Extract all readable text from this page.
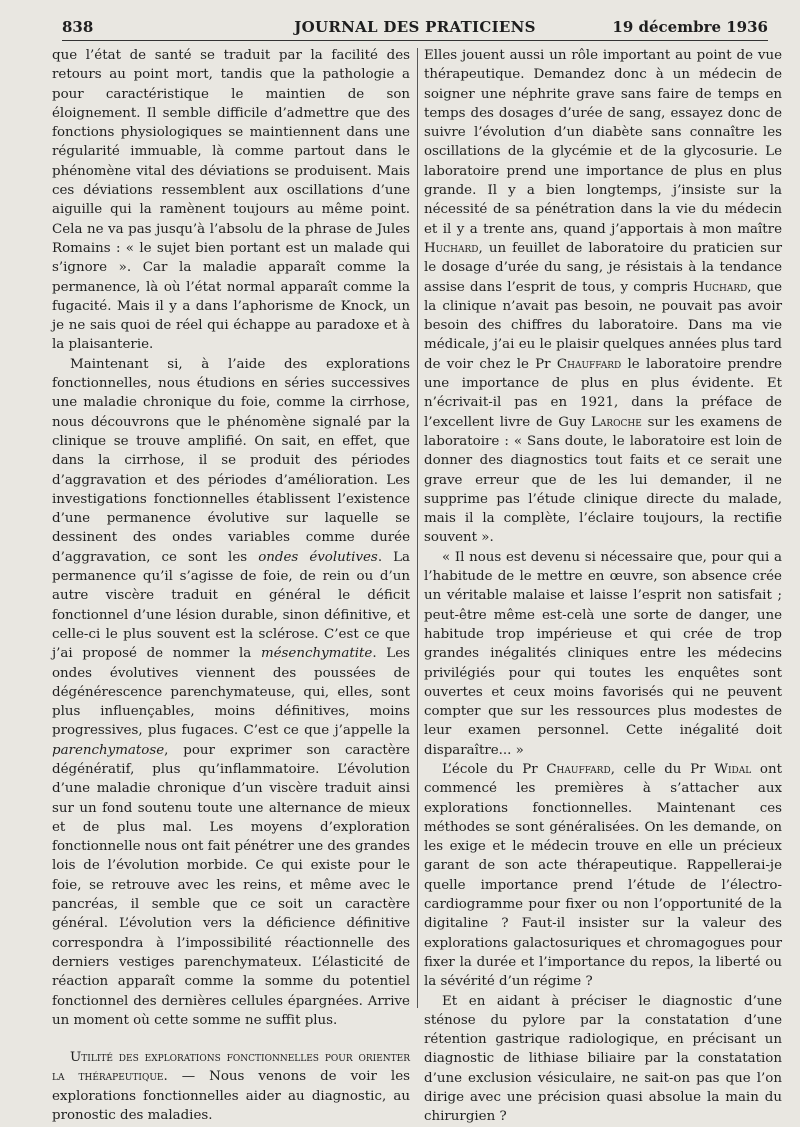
JOURNAL DES PRATICIENS
838	19 décembre 1936

que l’état de santé se traduit par la facilité des retours au point mort, tandis que la pathologie a pour caractéristique le maintien de son éloignement. Il semble difficile d’admettre que des fonctions physiologiques se maintiennent dans une régularité immuable, là comme partout dans le phénomène vital des déviations se produisent. Mais ces déviations ressemblent aux oscillations d’une aiguille qui la ramènent toujours au même point. Cela ne va pas jusqu’à l’absolu de la phrase de Jules Romains : « le sujet bien portant est un malade qui s’ignore ». Car la maladie apparaît comme la permanence, là où l’état normal apparaît comme la fugacité. Mais il y a dans l’aphorisme de Knock, un je ne sais quoi de réel qui échappe au paradoxe et à la plaisanterie.

Maintenant si, à l’aide des explorations fonctionnelles, nous étudions en séries successives une maladie chronique du foie, comme la cirrhose, nous découvrons que le phénomène signalé par la clinique se trouve amplifié. On sait, en effet, que dans la cirrhose, il se produit des périodes d’aggravation et des périodes d’amélioration. Les investigations fonctionnelles établissent l’existence d’une permanence évolutive sur laquelle se dessinent des ondes variables comme durée d’aggravation, ce sont les ondes évolutives. La permanence qu’il s’agisse de foie, de rein ou d’un autre viscère traduit en général le déficit fonctionnel d’une lésion durable, sinon définitive, et celle-ci le plus souvent est la sclérose. C’est ce que j’ai proposé de nommer la mésenchymatite. Les ondes évolutives viennent des poussées de dégénérescence parenchymateuse, qui, elles, sont plus influençables, moins définitives, moins progressives, plus fugaces. C’est ce que j’appelle la parenchymatose, pour exprimer son caractère dégénératif, plus qu’inflammatoire. L’évolution d’une maladie chronique d’un viscère traduit ainsi sur un fond soutenu toute une alternance de mieux et de plus mal. Les moyens d’exploration fonctionnelle nous ont fait pénétrer une des grandes lois de l’évolution morbide. Ce qui existe pour le foie, se retrouve avec les reins, et même avec le pancréas, il semble que ce soit un caractère général. L’évolution vers la déficience définitive correspondra à l’impossibilité réactionnelle des derniers vestiges parenchymateux. L’élasticité de réaction apparaît comme la somme du potentiel fonctionnel des dernières cellules épargnées. Arrive un moment où cette somme ne suffit plus.

Utilité des explorations fonctionnelles pour orienter la thérapeutique. — Nous venons de voir les explorations fonctionnelles aider au diagnostic, au pronostic des maladies.

Elles jouent aussi un rôle important au point de vue thérapeutique. Demandez donc à un médecin de soigner une néphrite grave sans faire de temps en temps des dosages d’urée de sang, essayez donc de suivre l’évolution d’un diabète sans connaître les oscillations de la glycémie et de la glycosurie. Le laboratoire prend une importance de plus en plus grande. Il y a bien longtemps, j’insiste sur la nécessité de sa pénétration dans la vie du médecin et il y a trente ans, quand j’apportais à mon maître Huchard, un feuillet de laboratoire du praticien sur le dosage d’urée du sang, je résistais à la tendance assise dans l’esprit de tous, y compris Huchard, que la clinique n’avait pas besoin, ne pouvait pas avoir besoin des chiffres du laboratoire. Dans ma vie médicale, j’ai eu le plaisir quelques années plus tard de voir chez le Pr Chauffard le laboratoire prendre une importance de plus en plus évidente. Et n’écrivait-il pas en 1921, dans la préface de l’excellent livre de Guy Laroche sur les examens de laboratoire : « Sans doute, le laboratoire est loin de donner des diagnostics tout faits et ce serait une grave erreur que de les lui demander, il ne supprime pas l’étude clinique directe du malade, mais il la complète, l’éclaire toujours, la rectifie souvent ».

« Il nous est devenu si nécessaire que, pour qui a l’habitude de le mettre en œuvre, son absence crée un véritable malaise et laisse l’esprit non satisfait ; peut-être même est-celà une sorte de danger, une habitude trop impérieuse et qui crée de trop grandes inégalités cliniques entre les médecins privilégiés pour qui toutes les enquêtes sont ouvertes et ceux moins favorisés qui ne peuvent compter que sur les ressources plus modestes de leur examen personnel. Cette inégalité doit disparaître... »

L’école du Pr Chauffard, celle du Pr Widal ont commencé les premières à s’attacher aux explorations fonctionnelles. Maintenant ces méthodes se sont généralisées. On les demande, on les exige et le médecin trouve en elle un précieux garant de son acte thérapeutique. Rappellerai-je quelle importance prend l’étude de l’électro-cardiogramme pour fixer ou non l’opportunité de la digitaline ? Faut-il insister sur la valeur des explorations galactosuriques et chromagogues pour fixer la durée et l’importance du repos, la liberté ou la sévérité d’un régime ?

Et en aidant à préciser le diagnostic d’une sténose du pylore par la constatation d’une rétention gastrique radiologique, en précisant un diagnostic de lithiase biliaire par la constatation d’une exclusion vésiculaire, ne sait-on pas que l’on dirige avec une précision quasi absolue la main du chirurgien ?
